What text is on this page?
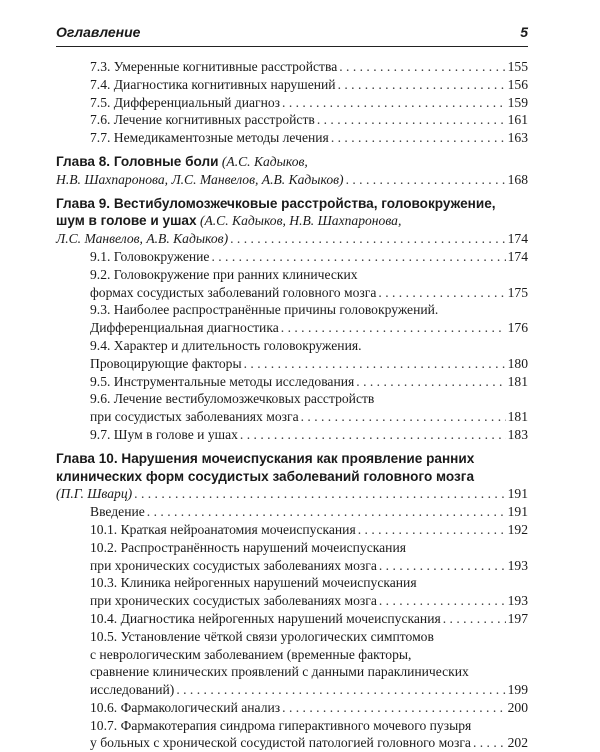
Оглавление	5
7.3. Умеренные когнитивные расстройства . . .	155
7.4. Диагностика когнитивных нарушений . . .	156
7.5. Дифференциальный диагноз . . .	159
7.6. Лечение когнитивных расстройств . . .	161
7.7. Немедикаментозные методы лечения . . .	163
Глава 8. Головные боли (А.С. Кадыков,
Н.В. Шахпаронова, Л.С. Манвелов, А.В. Кадыков) . . .	168
Глава 9. Вестибуломозжечковые расстройства, головокружение,
шум в голове и ушах (А.С. Кадыков, Н.В. Шахпаронова,
Л.С. Манвелов, А.В. Кадыков) . . .	174
9.1. Головокружение . . .	174
9.2. Головокружение при ранних клинических
формах сосудистых заболеваний головного мозга . . .	175
9.3. Наиболее распространённые причины головокружений.
Дифференциальная диагностика . . .	176
9.4. Характер и длительность головокружения.
Провоцирующие факторы . . .	180
9.5. Инструментальные методы исследования . . .	181
9.6. Лечение вестибуломозжечковых расстройств
при сосудистых заболеваниях мозга . . .	181
9.7. Шум в голове и ушах . . .	183
Глава 10. Нарушения мочеиспускания как проявление ранних
клинических форм сосудистых заболеваний головного мозга
(П.Г. Шварц) . . .	191
Введение . . .	191
10.1. Краткая нейроанатомия мочеиспускания . . .	192
10.2. Распространённость нарушений мочеиспускания
при хронических сосудистых заболеваниях мозга . . .	193
10.3. Клиника нейрогенных нарушений мочеиспускания
при хронических сосудистых заболеваниях мозга . . .	193
10.4. Диагностика нейрогенных нарушений мочеиспускания . . .	197
10.5. Установление чёткой связи урологических симптомов
с неврологическим заболеванием (временные факторы,
сравнение клинических проявлений с данными параклинических
исследований) . . .	199
10.6. Фармакологический анализ . . .	200
10.7. Фармакотерапия синдрома гиперактивного мочевого пузыря
у больных с хронической сосудистой патологией головного мозга . . .	202
